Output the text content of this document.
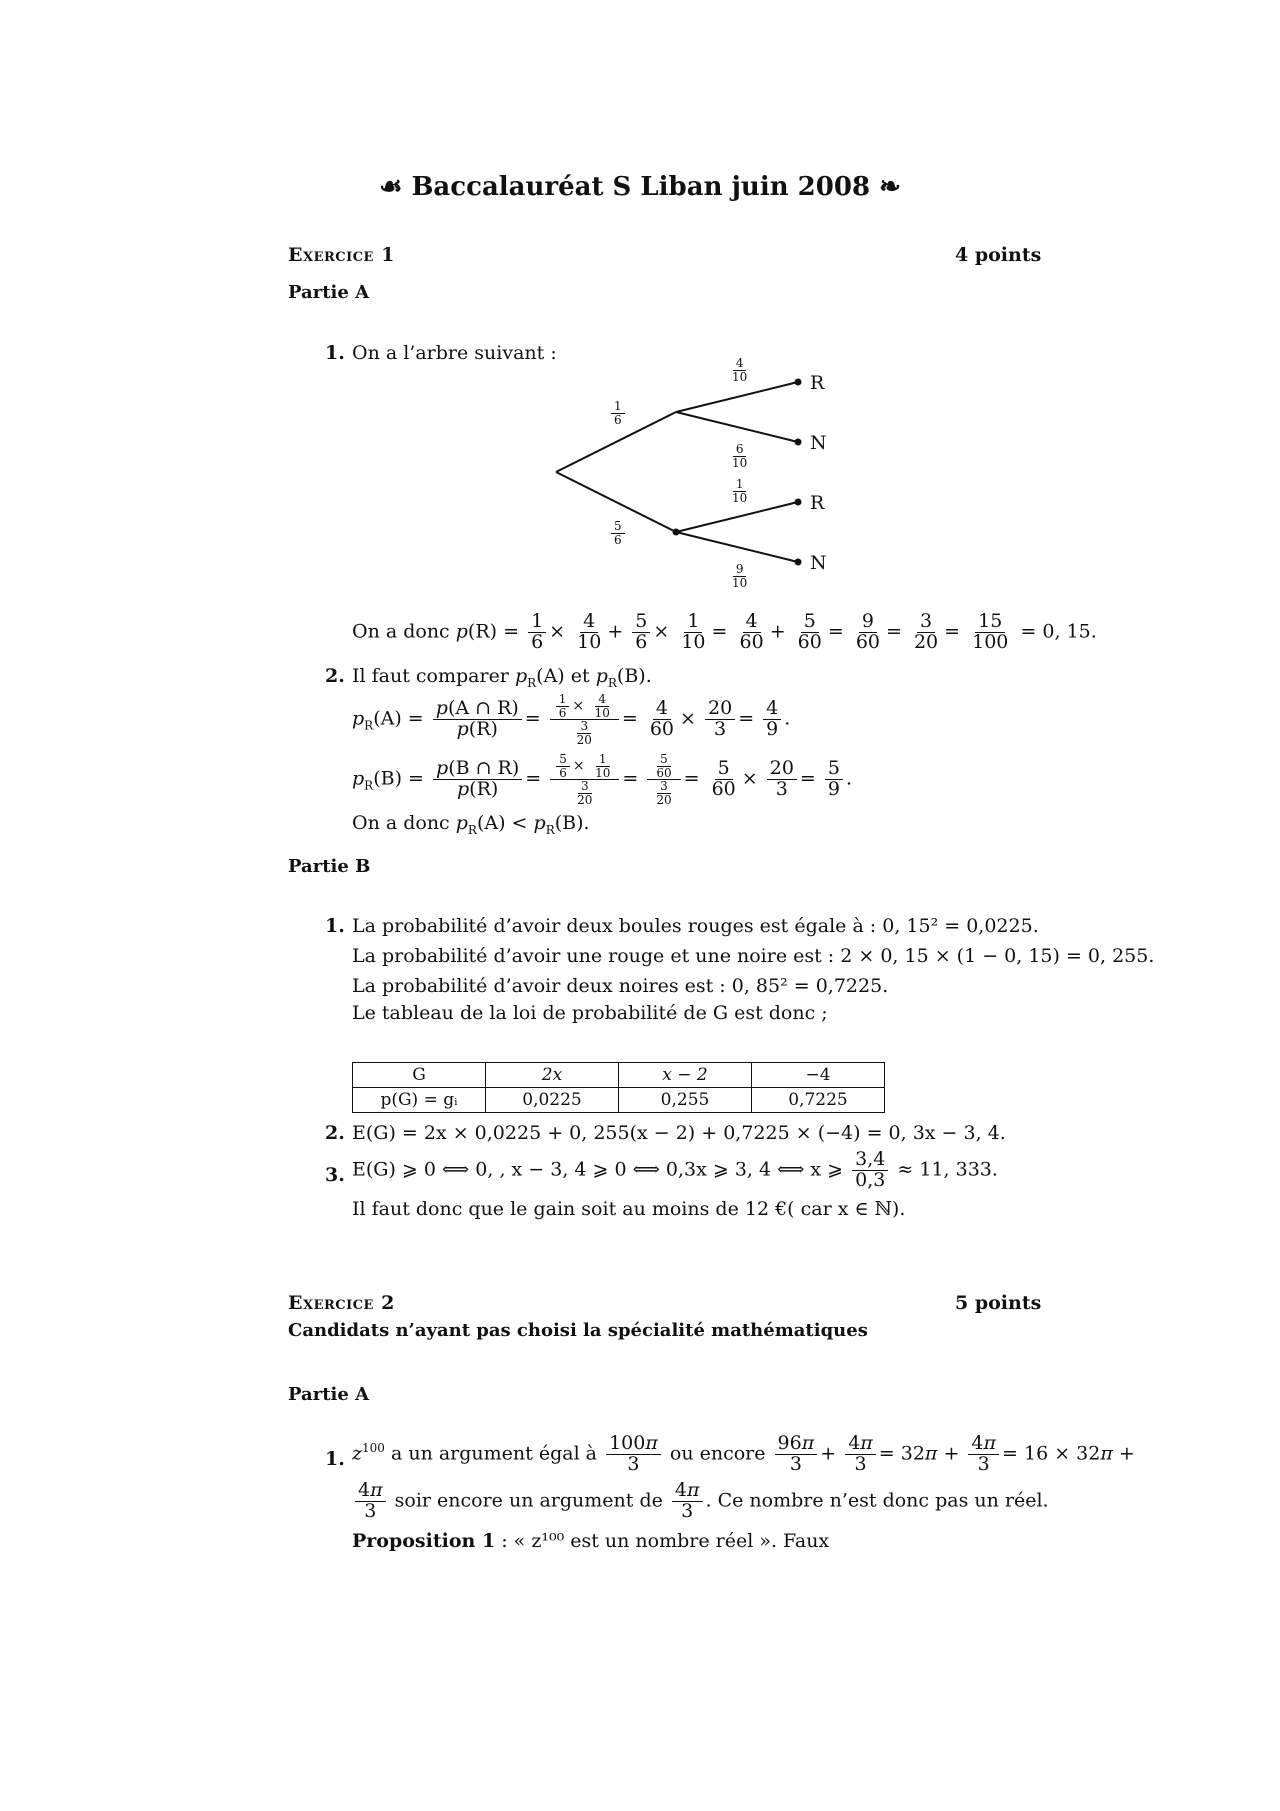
☙ Baccalauréat S Liban juin 2008 ❧
Exercice 1	4 points
Partie A
1. On a l’arbre suivant :
R
N
R
N
$\frac{1}{6}$
$\frac{5}{6}$
$\frac{4}{10}$
$\frac{6}{10}$
$\frac{1}{10}$
$\frac{9}{10}$
On a donc $p(R) = \frac{1}{6} \times \frac{4}{10} + \frac{5}{6} \times \frac{1}{10} = \frac{4}{60} + \frac{5}{60} = \frac{9}{60} = \frac{3}{20} = \frac{15}{100} = 0$, 15.
2. Il faut comparer $p_R(A)$ et $p_R(B)$.
$p_R(A) = \frac{p(A \cap R)}{p(R)} = \frac{\frac{1}{6} \times \frac{4}{10}}{\frac{3}{20}} = \frac{4}{60} \times \frac{20}{3} = \frac{4}{9}$ .
$p_R(B) = \frac{p(B \cap R)}{p(R)} = \frac{\frac{5}{6} \times \frac{1}{10}}{\frac{3}{20}} = \frac{\frac{5}{60}}{\frac{3}{20}} = \frac{5}{60} \times \frac{20}{3} = \frac{5}{9}$ .
On a donc $p_R(A) < p_R(B)$.
Partie B
1. La probabilité d’avoir deux boules rouges est égale à : 0, 15² = 0,0225.
La probabilité d’avoir une rouge et une noire est : 2 × 0, 15 × (1 − 0, 15) = 0, 255.
La probabilité d’avoir deux noires est : 0, 85² = 0,7225.
Le tableau de la loi de probabilité de G est donc ;
G	2x	x − 2	−4
p(G) = gᵢ	0,0225	0,255	0,7225
2. E(G) = 2x × 0,0225 + 0, 255(x − 2) + 0,7225 × (−4) = 0, 3x − 3, 4.
3. E(G) ⩾ 0 ⟺ 0, , x − 3, 4 ⩾ 0 ⟺ 0,3x ⩾ 3, 4 ⟺ x ⩾ $\frac{3,4}{0,3} \approx 11$, 333.
Il faut donc que le gain soit au moins de 12 €( car x ∈ ℕ).
Exercice 2	5 points
Candidats n’ayant pas choisi la spécialité mathématiques
Partie A
1. $z^{100}$ a un argument égal à $\frac{100\pi}{3}$ ou encore $\frac{96\pi}{3} + \frac{4\pi}{3} = 32\pi + \frac{4\pi}{3} = 16 \times 32\pi$ +
$\frac{4\pi}{3}$ soir encore un argument de $\frac{4\pi}{3}$ . Ce nombre n’est donc pas un réel.
Proposition 1 : « z¹⁰⁰ est un nombre réel ». Faux
